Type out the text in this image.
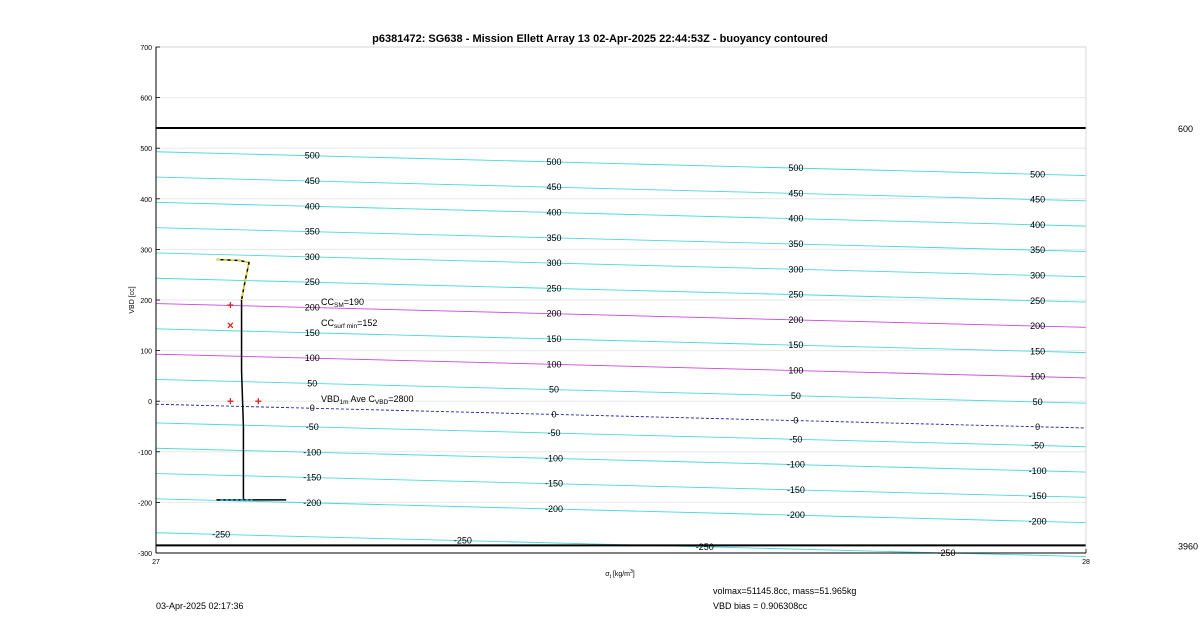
p6381472: SG638 - Mission Ellett Array 13 02-Apr-2025 22:44:53Z - buoyancy contoured
600
3960
500
450
400
350
300
250
200
150
100
50
0
-50
-100
-150
-200
500
450
400
350
300
250
200
150
100
50
0
-50
-100
-150
-200
500
450
400
350
300
250
200
150
100
50
0
-50
-100
-150
-200
500
450
400
350
300
250
200
150
100
50
0
-50
-100
-150
-200
-250
-250
-250
-250
-300
-200
-100
0
100
200
300
400
500
600
700
27	28
VBD [cc]
$\sigma_t$ $[kg/m^3]$
$CC_{SM}=190$
$CC_{surf min}=152$
$VBD_{1m}$ Ave $C_{VBD}=2800$
03-Apr-2025 02:17:36
volmax=51145.8cc, mass=51.965kg
VBD bias = 0.906308cc
